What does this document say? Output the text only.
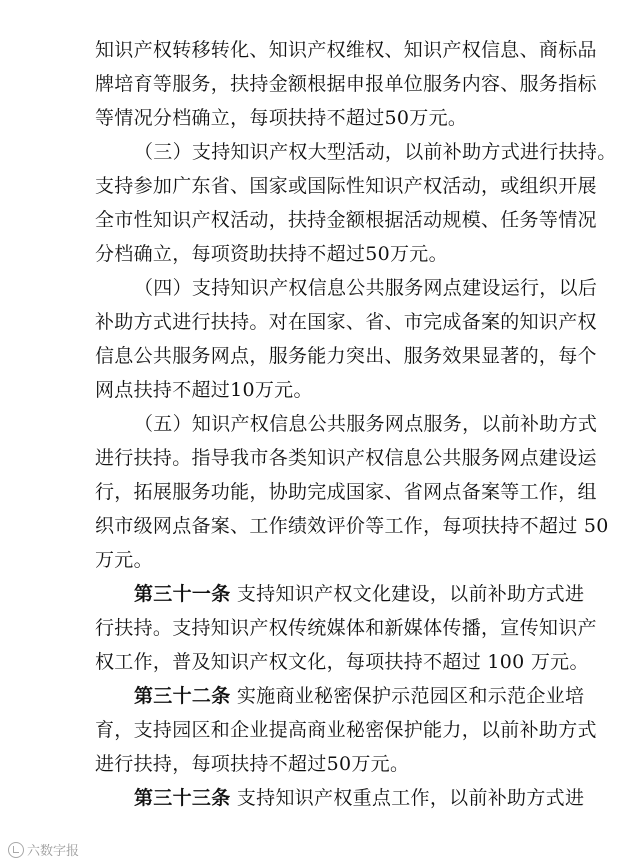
知识产权转移转化、知识产权维权、知识产权信息、商标品
牌培育等服务，扶持金额根据申报单位服务内容、服务指标
等情况分档确立，每项扶持不超过50万元。
（三）支持知识产权大型活动，以前补助方式进行扶持。
支持参加广东省、国家或国际性知识产权活动，或组织开展
全市性知识产权活动，扶持金额根据活动规模、任务等情况
分档确立，每项资助扶持不超过50万元。
（四）支持知识产权信息公共服务网点建设运行，以后
补助方式进行扶持。对在国家、省、市完成备案的知识产权
信息公共服务网点，服务能力突出、服务效果显著的，每个
网点扶持不超过10万元。
（五）知识产权信息公共服务网点服务，以前补助方式
进行扶持。指导我市各类知识产权信息公共服务网点建设运
行，拓展服务功能，协助完成国家、省网点备案等工作，组
织市级网点备案、工作绩效评价等工作，每项扶持不超过 50
万元。
第三十一条 支持知识产权文化建设，以前补助方式进
行扶持。支持知识产权传统媒体和新媒体传播，宣传知识产
权工作，普及知识产权文化，每项扶持不超过 100 万元。
第三十二条 实施商业秘密保护示范园区和示范企业培
育，支持园区和企业提高商业秘密保护能力，以前补助方式
进行扶持，每项扶持不超过50万元。
第三十三条 支持知识产权重点工作，以前补助方式进
六数字报
